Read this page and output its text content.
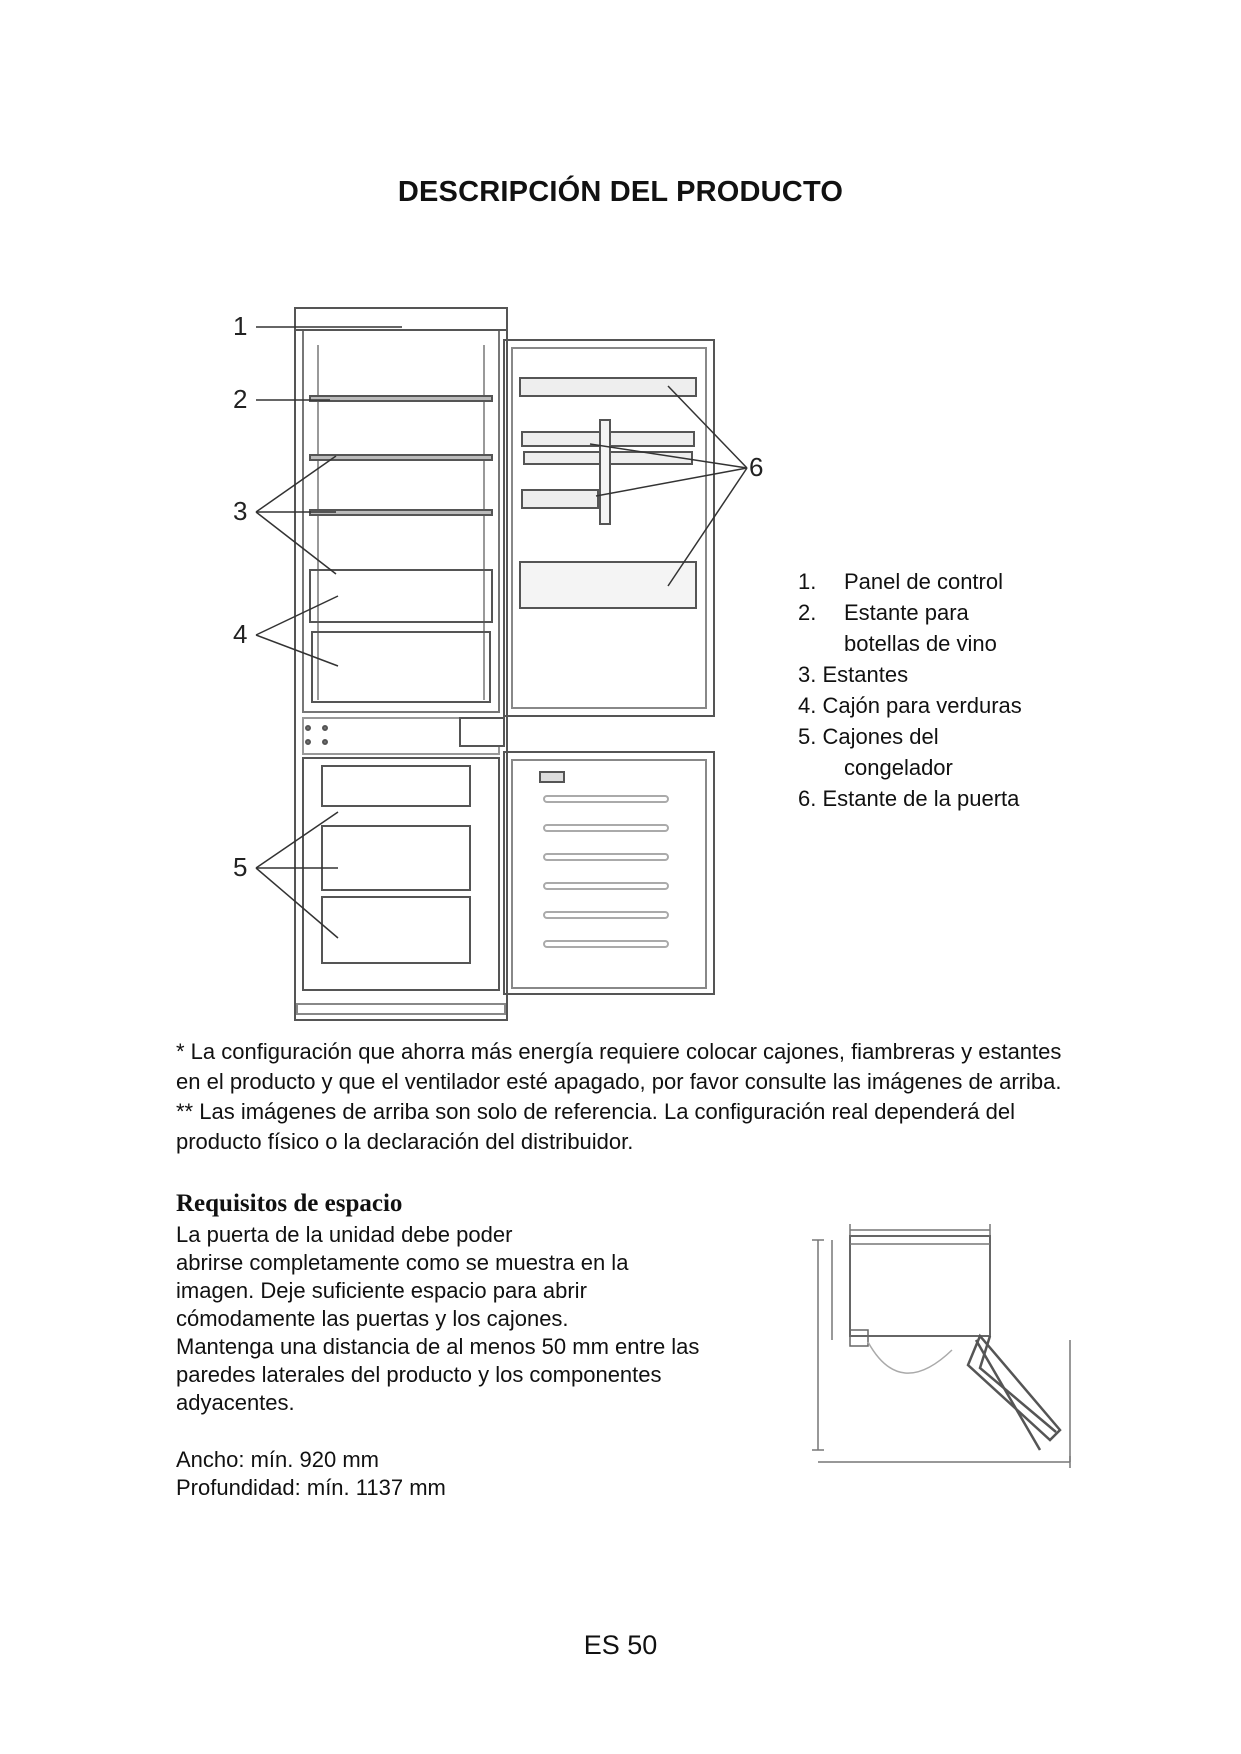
DESCRIPCIÓN DEL PRODUCTO
1
2
3
4
5
6
1. Panel de control
2. Estante para
botellas de vino
3. Estantes
4. Cajón para verduras
5. Cajones del
congelador
6. Estante de la puerta

* La configuración que ahorra más energía requiere colocar cajones, fiambreras y estantes

en el producto y que el ventilador esté apagado, por favor consulte las imágenes de arriba.

** Las imágenes de arriba son solo de referencia. La configuración real dependerá del

producto físico o la declaración del distribuidor.

Requisitos de espacio

La puerta de la unidad debe poder

abrirse completamente como se muestra en la

imagen. Deje suficiente espacio para abrir

cómodamente las puertas y los cajones.

Mantenga una distancia de al menos 50 mm entre las

paredes laterales del producto y los componentes

adyacentes.

Ancho: mín. 920 mm

Profundidad: mín. 1137 mm

ES 50
